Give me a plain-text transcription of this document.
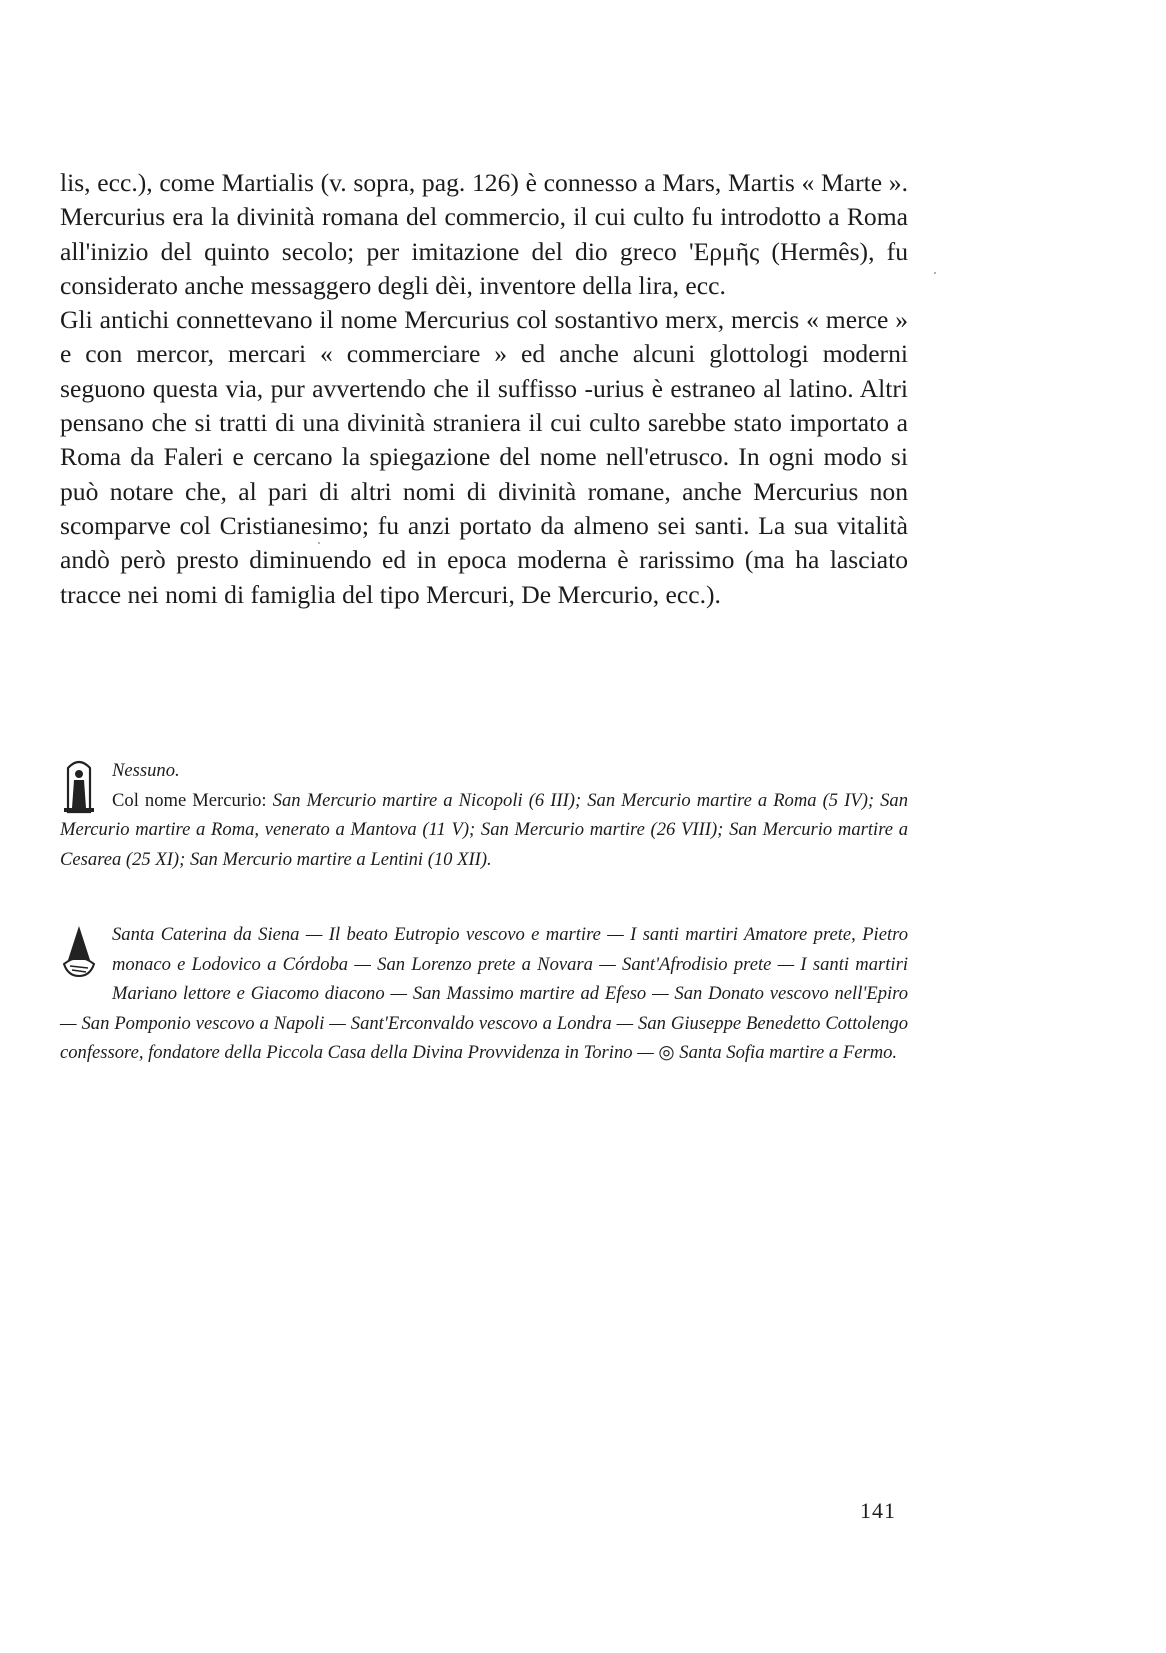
lis, ecc.), come Martialis (v. sopra, pag. 126) è connesso a Mars, Martis « Marte ». Mercurius era la divinità romana del commercio, il cui culto fu introdotto a Roma all'inizio del quinto secolo; per imitazione del dio greco 'Ερμῆς (Hermês), fu considerato anche messaggero degli dèi, inventore della lira, ecc.

Gli antichi connettevano il nome Mercurius col sostantivo merx, mercis « merce » e con mercor, mercari « commerciare » ed anche alcuni glottologi moderni seguono questa via, pur avvertendo che il suffisso -urius è estraneo al latino. Altri pensano che si tratti di una divinità straniera il cui culto sarebbe stato importato a Roma da Faleri e cercano la spiegazione del nome nell'etrusco. In ogni modo si può notare che, al pari di altri nomi di divinità romane, anche Mercurius non scomparve col Cristianesimo; fu anzi portato da almeno sei santi. La sua vitalità andò però presto diminuendo ed in epoca moderna è rarissimo (ma ha lasciato tracce nei nomi di famiglia del tipo Mercuri, De Mercurio, ecc.).

Nessuno.

Col nome Mercurio: San Mercurio martire a Nicopoli (6 III); San Mercurio martire a Roma (5 IV); San Mercurio martire a Roma, venerato a Mantova (11 V); San Mercurio martire (26 VIII); San Mercurio martire a Cesarea (25 XI); San Mercurio martire a Lentini (10 XII).

Santa Caterina da Siena — Il beato Eutropio vescovo e martire — I santi martiri Amatore prete, Pietro monaco e Lodovico a Córdoba — San Lorenzo prete a Novara — Sant'Afrodisio prete — I santi martiri Mariano lettore e Giacomo diacono — San Massimo martire ad Efeso — San Donato vescovo nell'Epiro — San Pomponio vescovo a Napoli — Sant'Erconvaldo vescovo a Londra — San Giuseppe Benedetto Cottolengo confessore, fondatore della Piccola Casa della Divina Provvidenza in Torino — ◎ Santa Sofia martire a Fermo.

141
